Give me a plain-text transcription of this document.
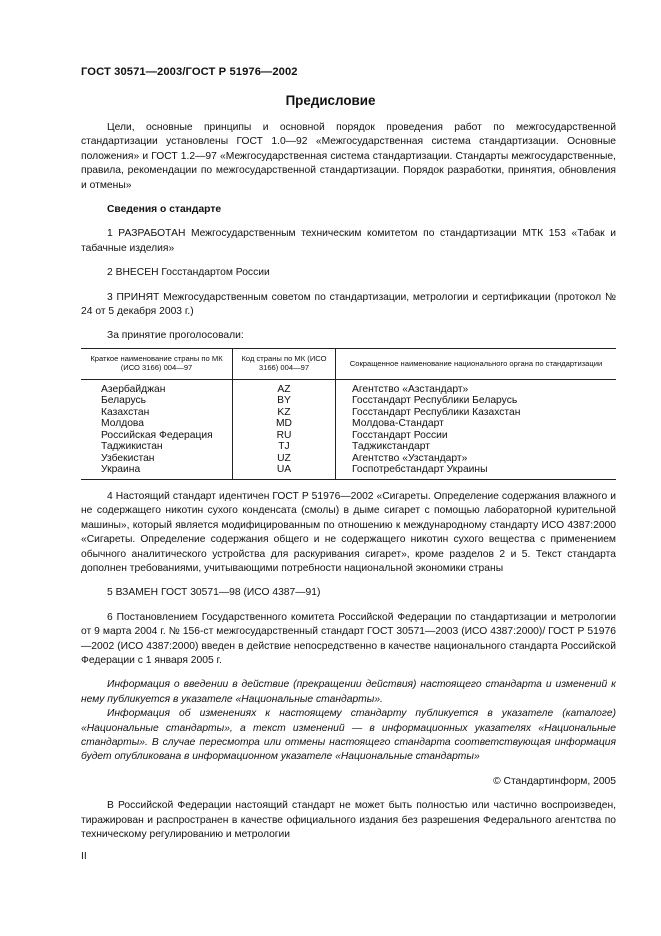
ГОСТ 30571—2003/ГОСТ Р 51976—2002
Предисловие

Цели, основные принципы и основной порядок проведения работ по межгосударственной стандартизации установлены ГОСТ 1.0—92 «Межгосударственная система стандартизации. Основные положения» и ГОСТ 1.2—97 «Межгосударственная система стандартизации. Стандарты межгосударственные, правила, рекомендации по межгосударственной стандартизации. Порядок разработки, принятия, обновления и отмены»

Сведения о стандарте

1 РАЗРАБОТАН Межгосударственным техническим комитетом по стандартизации МТК 153 «Табак и табачные изделия»

2 ВНЕСЕН Госстандартом России

3 ПРИНЯТ Межгосударственным советом по стандартизации, метрологии и сертификации (протокол № 24 от 5 декабря 2003 г.)

За принятие проголосовали:

Краткое наименование страны по МК (ИСО 3166) 004—97	Код страны по МК (ИСО 3166) 004—97	Сокращенное наименование национального органа по стандартизации
Азербайджан	AZ	Агентство «Азстандарт»
Беларусь	BY	Госстандарт Республики Беларусь
Казахстан	KZ	Госстандарт Республики Казахстан
Молдова	MD	Молдова-Стандарт
Российская Федерация	RU	Госстандарт России
Таджикистан	TJ	Таджикстандарт
Узбекистан	UZ	Агентство «Узстандарт»
Украина	UA	Госпотребстандарт Украины

4 Настоящий стандарт идентичен ГОСТ Р 51976—2002 «Сигареты. Определение содержания влажного и не содержащего никотин сухого конденсата (смолы) в дыме сигарет с помощью лабораторной курительной машины», который является модифицированным по отношению к международному стандарту ИСО 4387:2000 «Сигареты. Определение содержания общего и не содержащего никотин сухого вещества с применением обычного аналитического устройства для раскуривания сигарет», кроме разделов 2 и 5. Текст стандарта дополнен требованиями, учитывающими потребности национальной экономики страны

5 ВЗАМЕН ГОСТ 30571—98 (ИСО 4387—91)

6 Постановлением Государственного комитета Российской Федерации по стандартизации и метрологии от 9 марта 2004 г. № 156-ст межгосударственный стандарт ГОСТ 30571—2003 (ИСО 4387:2000)/ ГОСТ Р 51976—2002 (ИСО 4387:2000) введен в действие непосредственно в качестве национального стандарта Российской Федерации с 1 января 2005 г.

Информация о введении в действие (прекращении действия) настоящего стандарта и изменений к нему публикуется в указателе «Национальные стандарты».

Информация об изменениях к настоящему стандарту публикуется в указателе (каталоге) «Национальные стандарты», а текст изменений — в информационных указателях «Национальные стандарты». В случае пересмотра или отмены настоящего стандарта соответствующая информация будет опубликована в информационном указателе «Национальные стандарты»

© Стандартинформ, 2005

В Российской Федерации настоящий стандарт не может быть полностью или частично воспроизведен, тиражирован и распространен в качестве официального издания без разрешения Федерального агентства по техническому регулированию и метрологии

II
